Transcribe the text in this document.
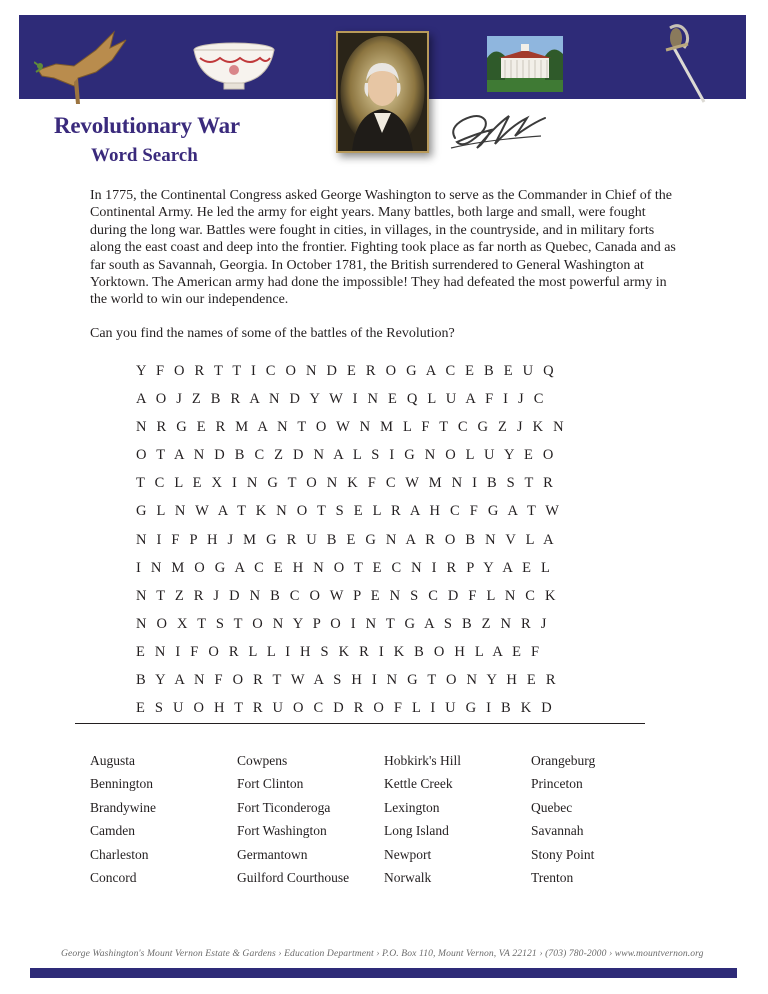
Revolutionary War
Word Search

In 1775, the Continental Congress asked George Washington to serve as the Commander in Chief of the Continental Army. He led the army for eight years. Many battles, both large and small, were fought during the long war. Battles were fought in cities, in villages, in the countryside, and in military forts along the east coast and deep into the frontier. Fighting took place as far north as Quebec, Canada and as far south as Savannah, Georgia. In October 1781, the British surrendered to General Washington at Yorktown. The American army had done the impossible! They had defeated the most powerful army in the world to win our independence.

Can you find the names of some of the battles of the Revolution?

Y F O R T T I C O N D E R O G A C E B E U Q
A O J Z B R A N D Y W I N E Q L U A F I J C
N R G E R M A N T O W N M L F T C G Z J K N
O T A N D B C Z D N A L S I G N O L U Y E O
T C L E X I N G T O N K F C W M N I B S T R
G L N W A T K N O T S E L R A H C F G A T W
N I F P H J M G R U B E G N A R O B N V L A
I N M O G A C E H N O T E C N I R P Y A E L
N T Z R J D N B C O W P E N S C D F L N C K
N O X T S T O N Y P O I N T G A S B Z N R J
E N I F O R L L I H S K R I K B O H L A E F
B Y A N F O R T W A S H I N G T O N Y H E R
E S U O H T R U O C D R O F L I U G I B K D
Augusta
Bennington
Brandywine
Camden
Charleston
Concord
Cowpens
Fort Clinton
Fort Ticonderoga
Fort Washington
Germantown
Guilford Courthouse
Hobkirk's Hill
Kettle Creek
Lexington
Long Island
Newport
Norwalk
Orangeburg
Princeton
Quebec
Savannah
Stony Point
Trenton
George Washington's Mount Vernon Estate & Gardens › Education Department › P.O. Box 110, Mount Vernon, VA 22121 › (703) 780-2000 › www.mountvernon.org
